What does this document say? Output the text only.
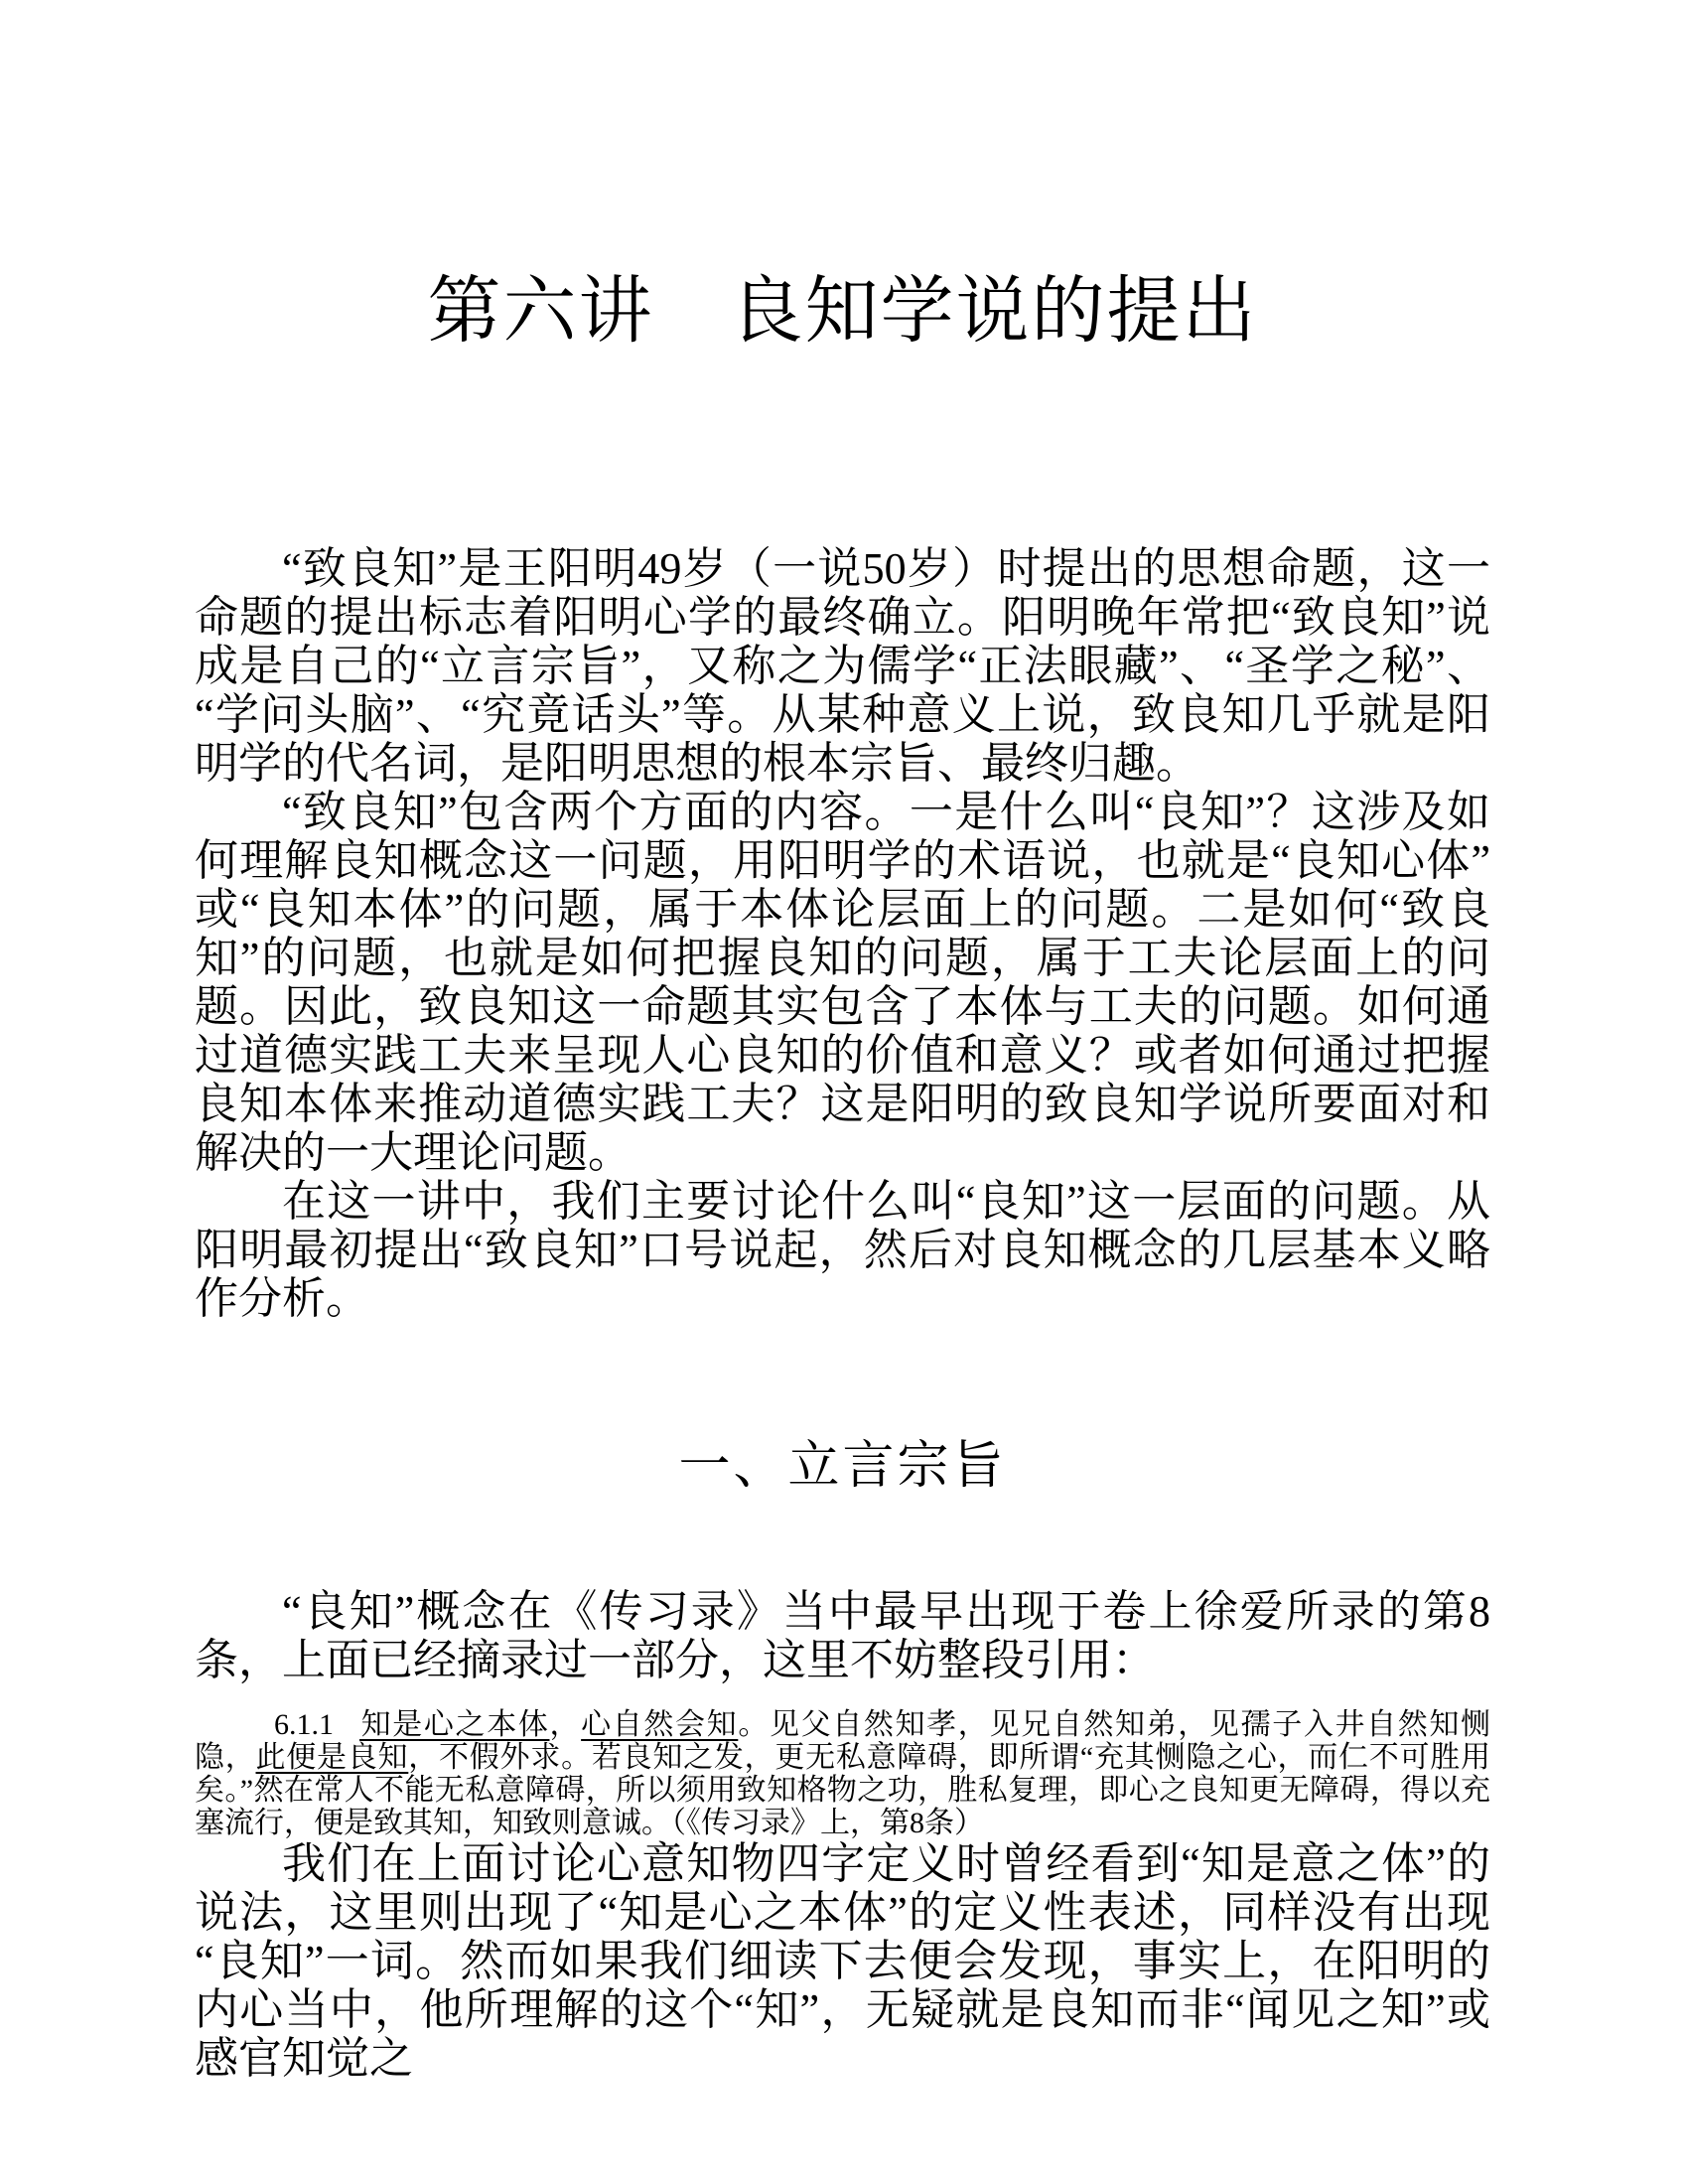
第六讲　良知学说的提出

“致良知”是王阳明49岁（一说50岁）时提出的思想命题，这一命题的提出标志着阳明心学的最终确立。阳明晚年常把“致良知”说成是自己的“立言宗旨”，又称之为儒学“正法眼藏”、“圣学之秘”、“学问头脑”、“究竟话头”等。从某种意义上说，致良知几乎就是阳明学的代名词，是阳明思想的根本宗旨、最终归趣。

“致良知”包含两个方面的内容。一是什么叫“良知”？这涉及如何理解良知概念这一问题，用阳明学的术语说，也就是“良知心体”或“良知本体”的问题，属于本体论层面上的问题。二是如何“致良知”的问题，也就是如何把握良知的问题，属于工夫论层面上的问题。因此，致良知这一命题其实包含了本体与工夫的问题。如何通过道德实践工夫来呈现人心良知的价值和意义？或者如何通过把握良知本体来推动道德实践工夫？这是阳明的致良知学说所要面对和解决的一大理论问题。

在这一讲中，我们主要讨论什么叫“良知”这一层面的问题。从阳明最初提出“致良知”口号说起，然后对良知概念的几层基本义略作分析。

一、立言宗旨

“良知”概念在《传习录》当中最早出现于卷上徐爱所录的第8条，上面已经摘录过一部分，这里不妨整段引用：

6.1.1 知是心之本体，心自然会知。见父自然知孝，见兄自然知弟，见孺子入井自然知恻隐，此便是良知，不假外求。若良知之发，更无私意障碍，即所谓“充其恻隐之心，而仁不可胜用矣。”然在常人不能无私意障碍，所以须用致知格物之功，胜私复理，即心之良知更无障碍，得以充塞流行，便是致其知，知致则意诚。（《传习录》上，第8条）

我们在上面讨论心意知物四字定义时曾经看到“知是意之体”的说法，这里则出现了“知是心之本体”的定义性表述，同样没有出现“良知”一词。然而如果我们细读下去便会发现，事实上，在阳明的内心当中，他所理解的这个“知”，无疑就是良知而非“闻见之知”或感官知觉之
